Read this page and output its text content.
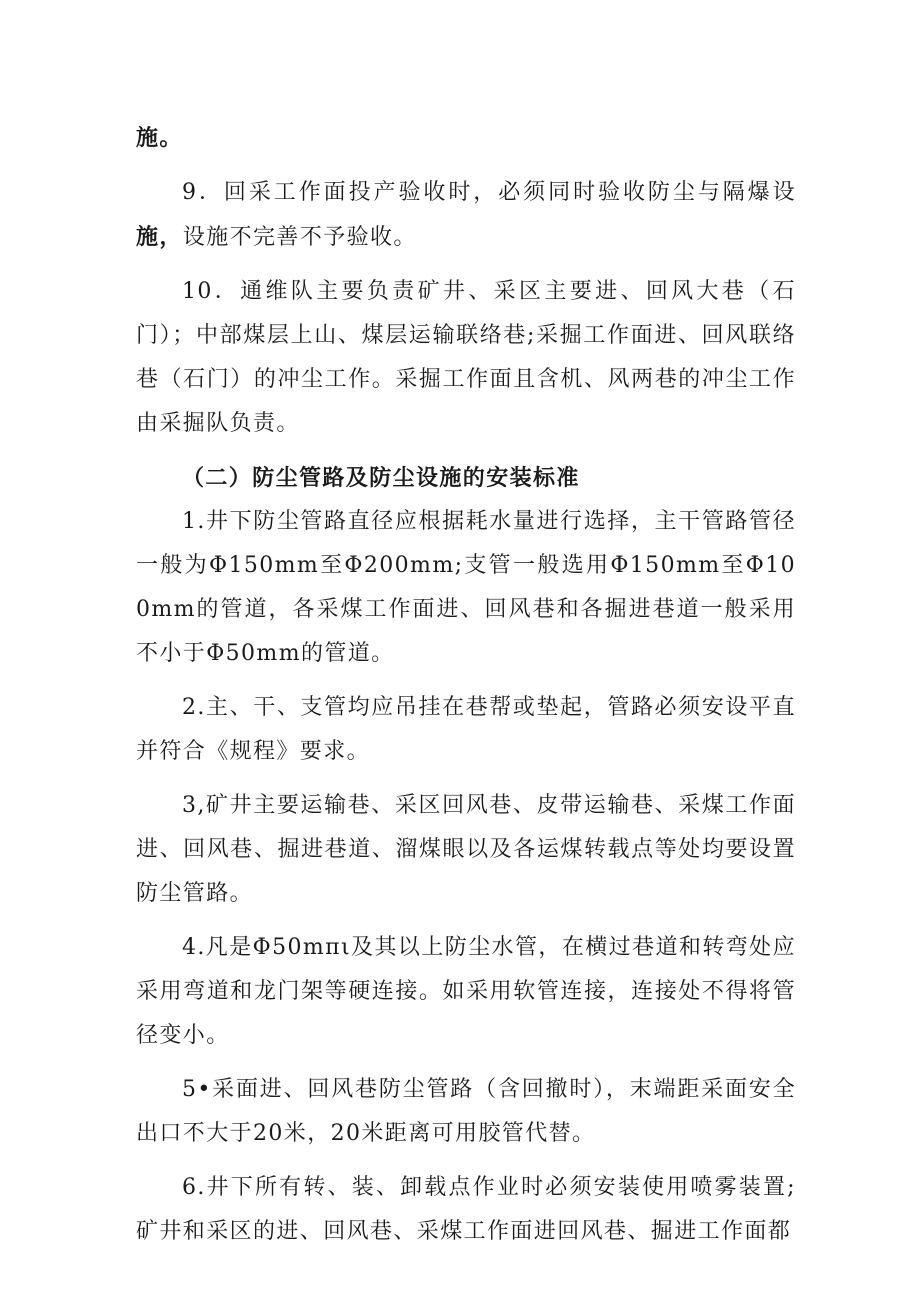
施。

9．回采工作面投产验收时，必须同时验收防尘与隔爆设施，设施不完善不予验收。

10．通维队主要负责矿井、采区主要进、回风大巷（石门）；中部煤层上山、煤层运输联络巷;采掘工作面进、回风联络巷（石门）的冲尘工作。采掘工作面且含机、风两巷的冲尘工作由采掘队负责。

（二）防尘管路及防尘设施的安装标准

1.井下防尘管路直径应根据耗水量进行选择，主干管路管径一般为Φ150mm至Φ200mm;支管一般选用Φ150mm至Φ100mm的管道，各采煤工作面进、回风巷和各掘进巷道一般采用不小于Φ50mm的管道。

2.主、干、支管均应吊挂在巷帮或垫起，管路必须安设平直并符合《规程》要求。

3,矿井主要运输巷、采区回风巷、皮带运输巷、采煤工作面进、回风巷、掘进巷道、溜煤眼以及各运煤转载点等处均要设置防尘管路。

4.凡是Φ50mπι及其以上防尘水管，在横过巷道和转弯处应采用弯道和龙门架等硬连接。如采用软管连接，连接处不得将管径变小。

5•采面进、回风巷防尘管路（含回撤时），末端距采面安全出口不大于20米，20米距离可用胶管代替。

6.井下所有转、装、卸载点作业时必须安装使用喷雾装置;矿井和采区的进、回风巷、采煤工作面进回风巷、掘进工作面都
